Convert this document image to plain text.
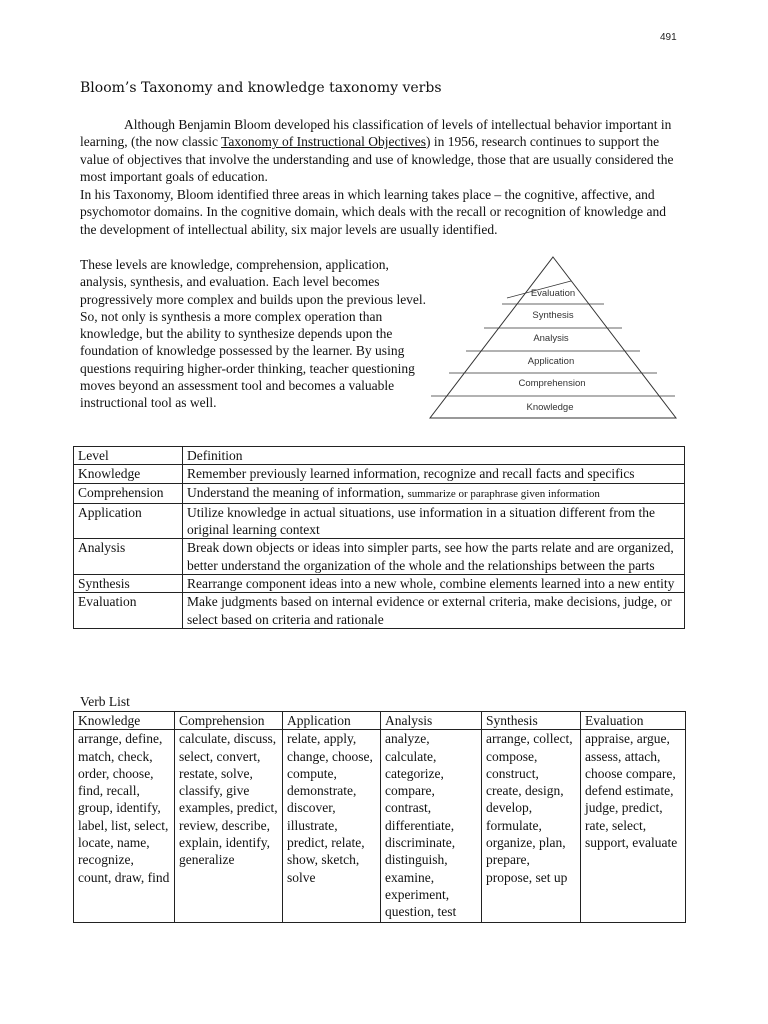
491
Bloom’s Taxonomy and knowledge taxonomy verbs

Although Benjamin Bloom developed his classification of levels of intellectual behavior important in learning, (the now classic Taxonomy of Instructional Objectives) in 1956, research continues to support the value of objectives that involve the understanding and use of knowledge, those that are usually considered the most important goals of education.

In his Taxonomy, Bloom identified three areas in which learning takes place – the cognitive, affective, and psychomotor domains. In the cognitive domain, which deals with the recall or recognition of knowledge and the development of intellectual ability, six major levels are usually identified.

These levels are knowledge, comprehension, application, analysis, synthesis, and evaluation. Each level becomes progressively more complex and builds upon the previous level. So, not only is synthesis a more complex operation than knowledge, but the ability to synthesize depends upon the foundation of knowledge possessed by the learner. By using questions requiring higher-order thinking, teacher questioning moves beyond an assessment tool and becomes a valuable instructional tool as well.

Evaluation
Synthesis
Analysis
Application
Comprehension
Knowledge
Level	Definition
Knowledge	Remember previously learned information, recognize and recall facts and specifics
Comprehension	Understand the meaning of information, summarize or paraphrase given information
Application	Utilize knowledge in actual situations, use information in a situation different from the original learning context
Analysis	Break down objects or ideas into simpler parts, see how the parts relate and are organized, better understand the organization of the whole and the relationships between the parts
Synthesis	Rearrange component ideas into a new whole, combine elements learned into a new entity
Evaluation	Make judgments based on internal evidence or external criteria, make decisions, judge, or select based on criteria and rationale
Verb List
Knowledge	Comprehension	Application	Analysis	Synthesis	Evaluation
arrange, define, match, check, order, choose, find, recall, group, identify, label, list, select, locate, name, recognize, count, draw, find	calculate, discuss, select, convert, restate, solve, classify, give examples, predict, review, describe, explain, identify, generalize	relate, apply, change, choose, compute, demonstrate, discover, illustrate, predict, relate, show, sketch, solve	analyze, calculate, categorize, compare, contrast, differentiate, discriminate, distinguish, examine, experiment, question, test	arrange, collect, compose, construct, create, design, develop, formulate, organize, plan, prepare, propose, set up	appraise, argue, assess, attach, choose compare, defend estimate, judge, predict, rate, select, support, evaluate
